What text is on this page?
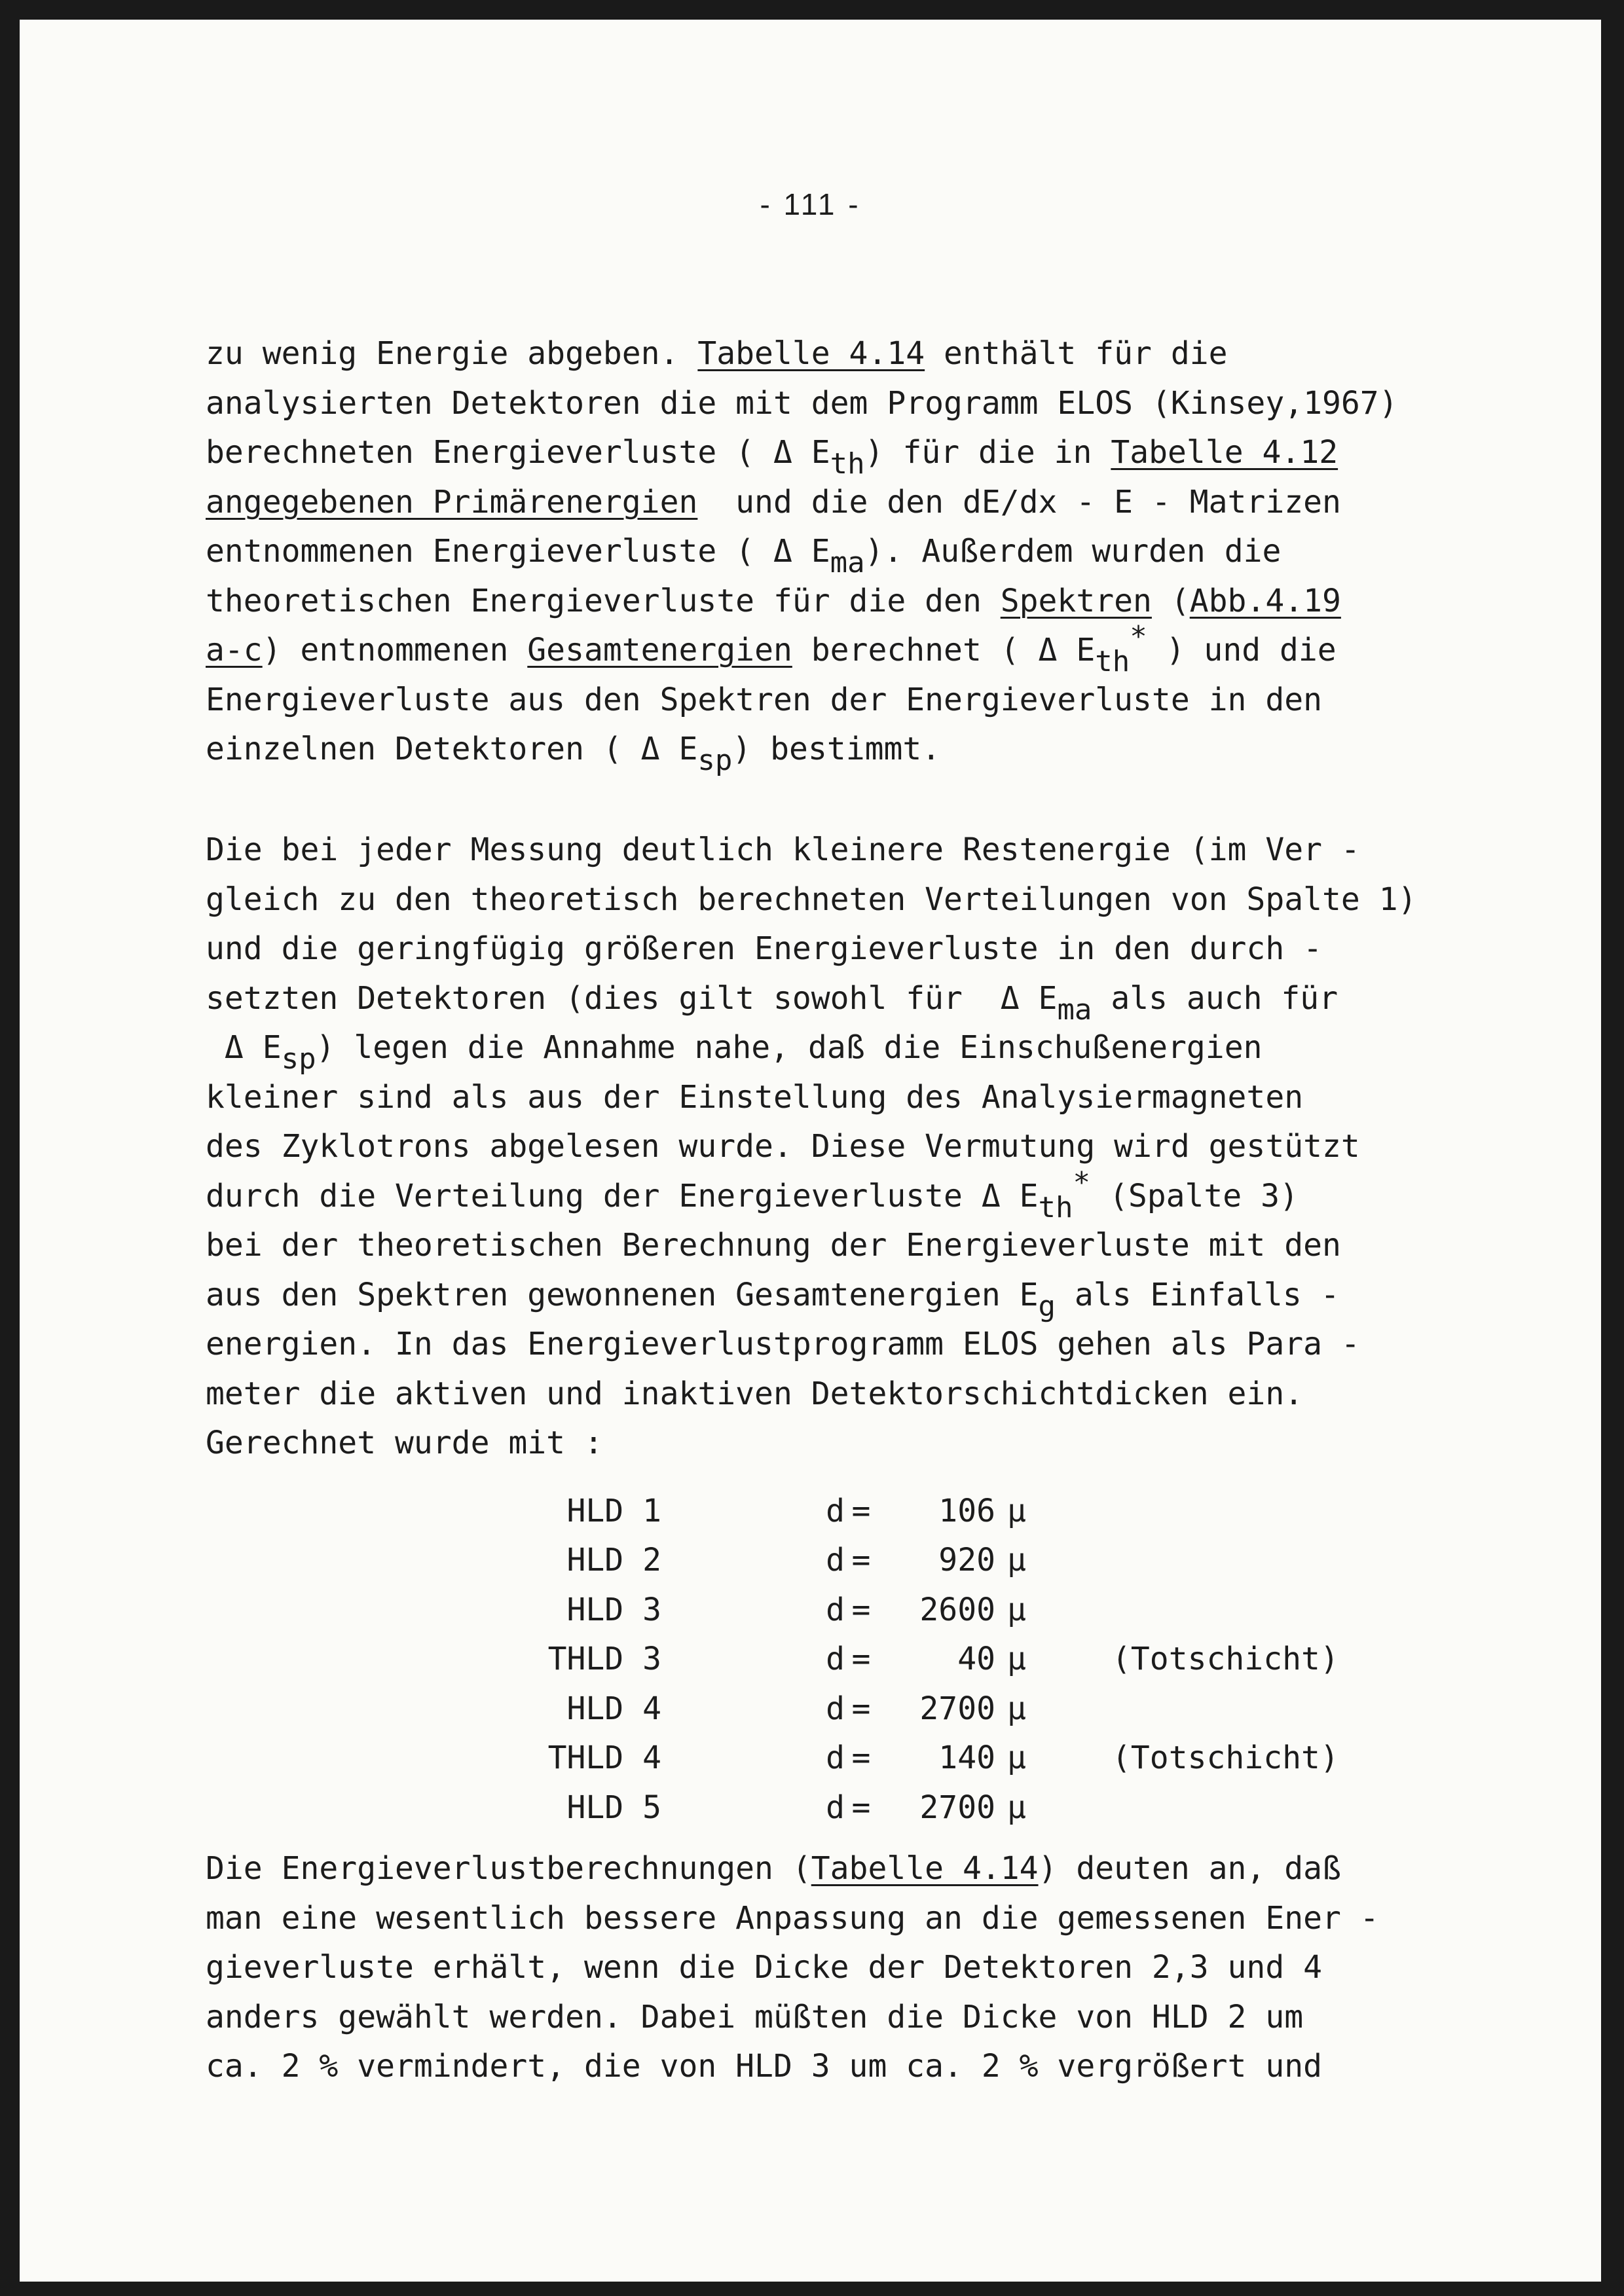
- 111 -
zu wenig Energie abgeben. Tabelle 4.14 enthält für die
analysierten Detektoren die mit dem Programm ELOS (Kinsey,1967)
berechneten Energieverluste ( Δ $E_{th}$) für die in Tabelle 4.12
angegebenen Primärenergien  und die den dE/dx - E - Matrizen
entnommenen Energieverluste ( Δ $E_{ma}$). Außerdem wurden die
theoretischen Energieverluste für die den Spektren (Abb.4.19
a-c) entnommenen Gesamtenergien berechnet ( Δ $E_{th}^*$ ) und die
Energieverluste aus den Spektren der Energieverluste in den
einzelnen Detektoren ( Δ $E_{sp}$) bestimmt.
Die bei jeder Messung deutlich kleinere Restenergie (im Ver -
gleich zu den theoretisch berechneten Verteilungen von Spalte 1)
und die geringfügig größeren Energieverluste in den durch -
setzten Detektoren (dies gilt sowohl für  Δ $E_{ma}$ als auch für
Δ $E_{sp}$) legen die Annahme nahe, daß die Einschußenergien
kleiner sind als aus der Einstellung des Analysiermagneten
des Zyklotrons abgelesen wurde. Diese Vermutung wird gestützt
durch die Verteilung der Energieverluste Δ $E_{th}^*$ (Spalte 3)
bei der theoretischen Berechnung der Energieverluste mit den
aus den Spektren gewonnenen Gesamtenergien $E_g$ als Einfalls -
energien. In das Energieverlustprogramm ELOS gehen als Para -
meter die aktiven und inaktiven Detektorschichtdicken ein.
Gerechnet wurde mit :
HLD 1	d	=	106	µ	
HLD 2	d	=	920	µ	
HLD 3	d	=	2600	µ	
THLD 3	d	=	40	µ	(Totschicht)
HLD 4	d	=	2700	µ	
THLD 4	d	=	140	µ	(Totschicht)
HLD 5	d	=	2700	µ	
Die Energieverlustberechnungen (Tabelle 4.14) deuten an, daß
man eine wesentlich bessere Anpassung an die gemessenen Ener -
gieverluste erhält, wenn die Dicke der Detektoren 2,3 und 4
anders gewählt werden. Dabei müßten die Dicke von HLD 2 um
ca. 2 % vermindert, die von HLD 3 um ca. 2 % vergrößert und
